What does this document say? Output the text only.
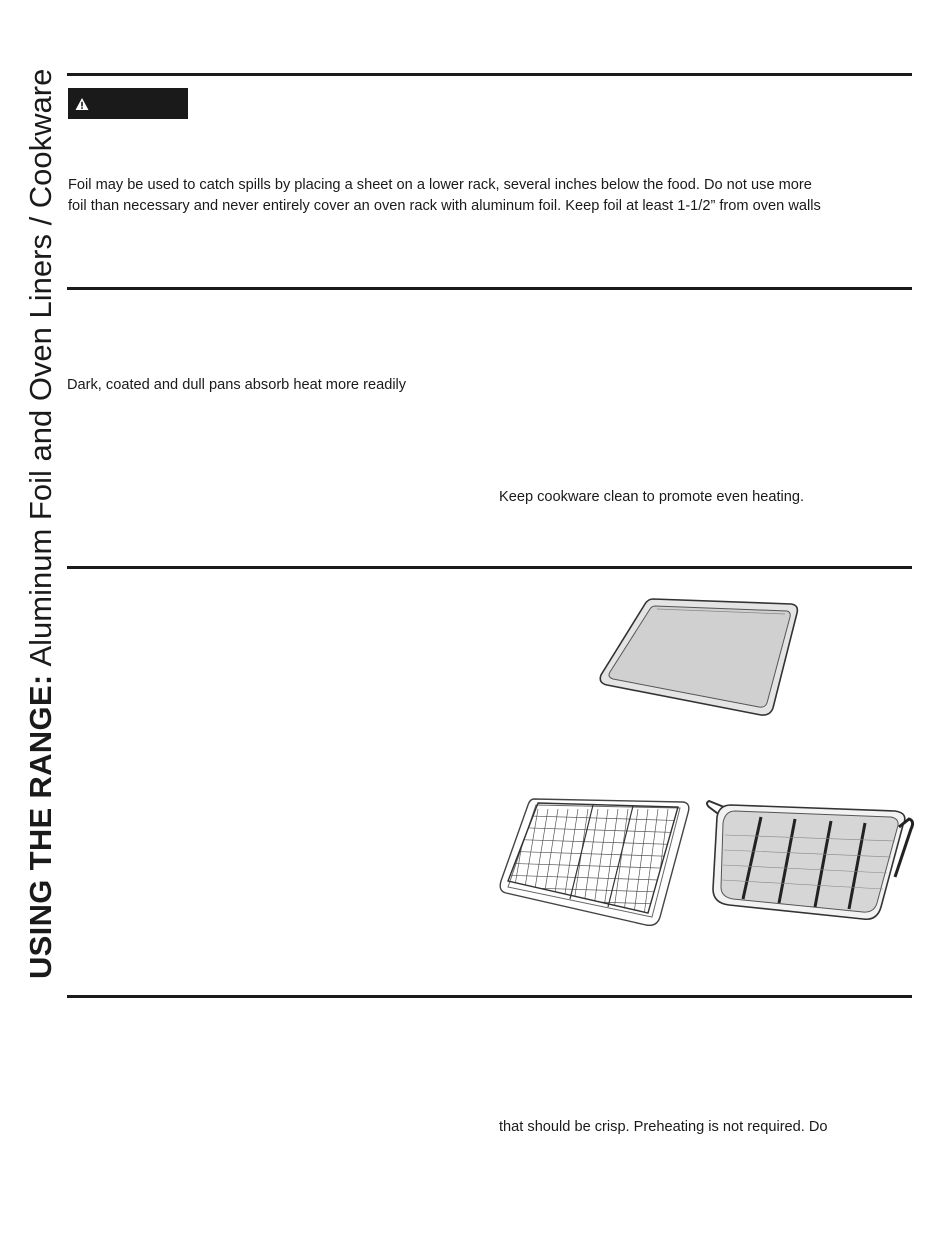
USING THE RANGE:
Aluminum Foil and Oven Liners / Cookware Foil may be used to catch spills by placing a sheet on a lower rack, several inches below the food. Do not use more

foil than necessary and never entirely cover an oven rack with aluminum foil. Keep foil at least 1-1/2” from oven walls

Dark, coated and dull pans absorb heat more readily

Keep cookware clean to promote even heating.

that should be crisp. Preheating is not required. Do
